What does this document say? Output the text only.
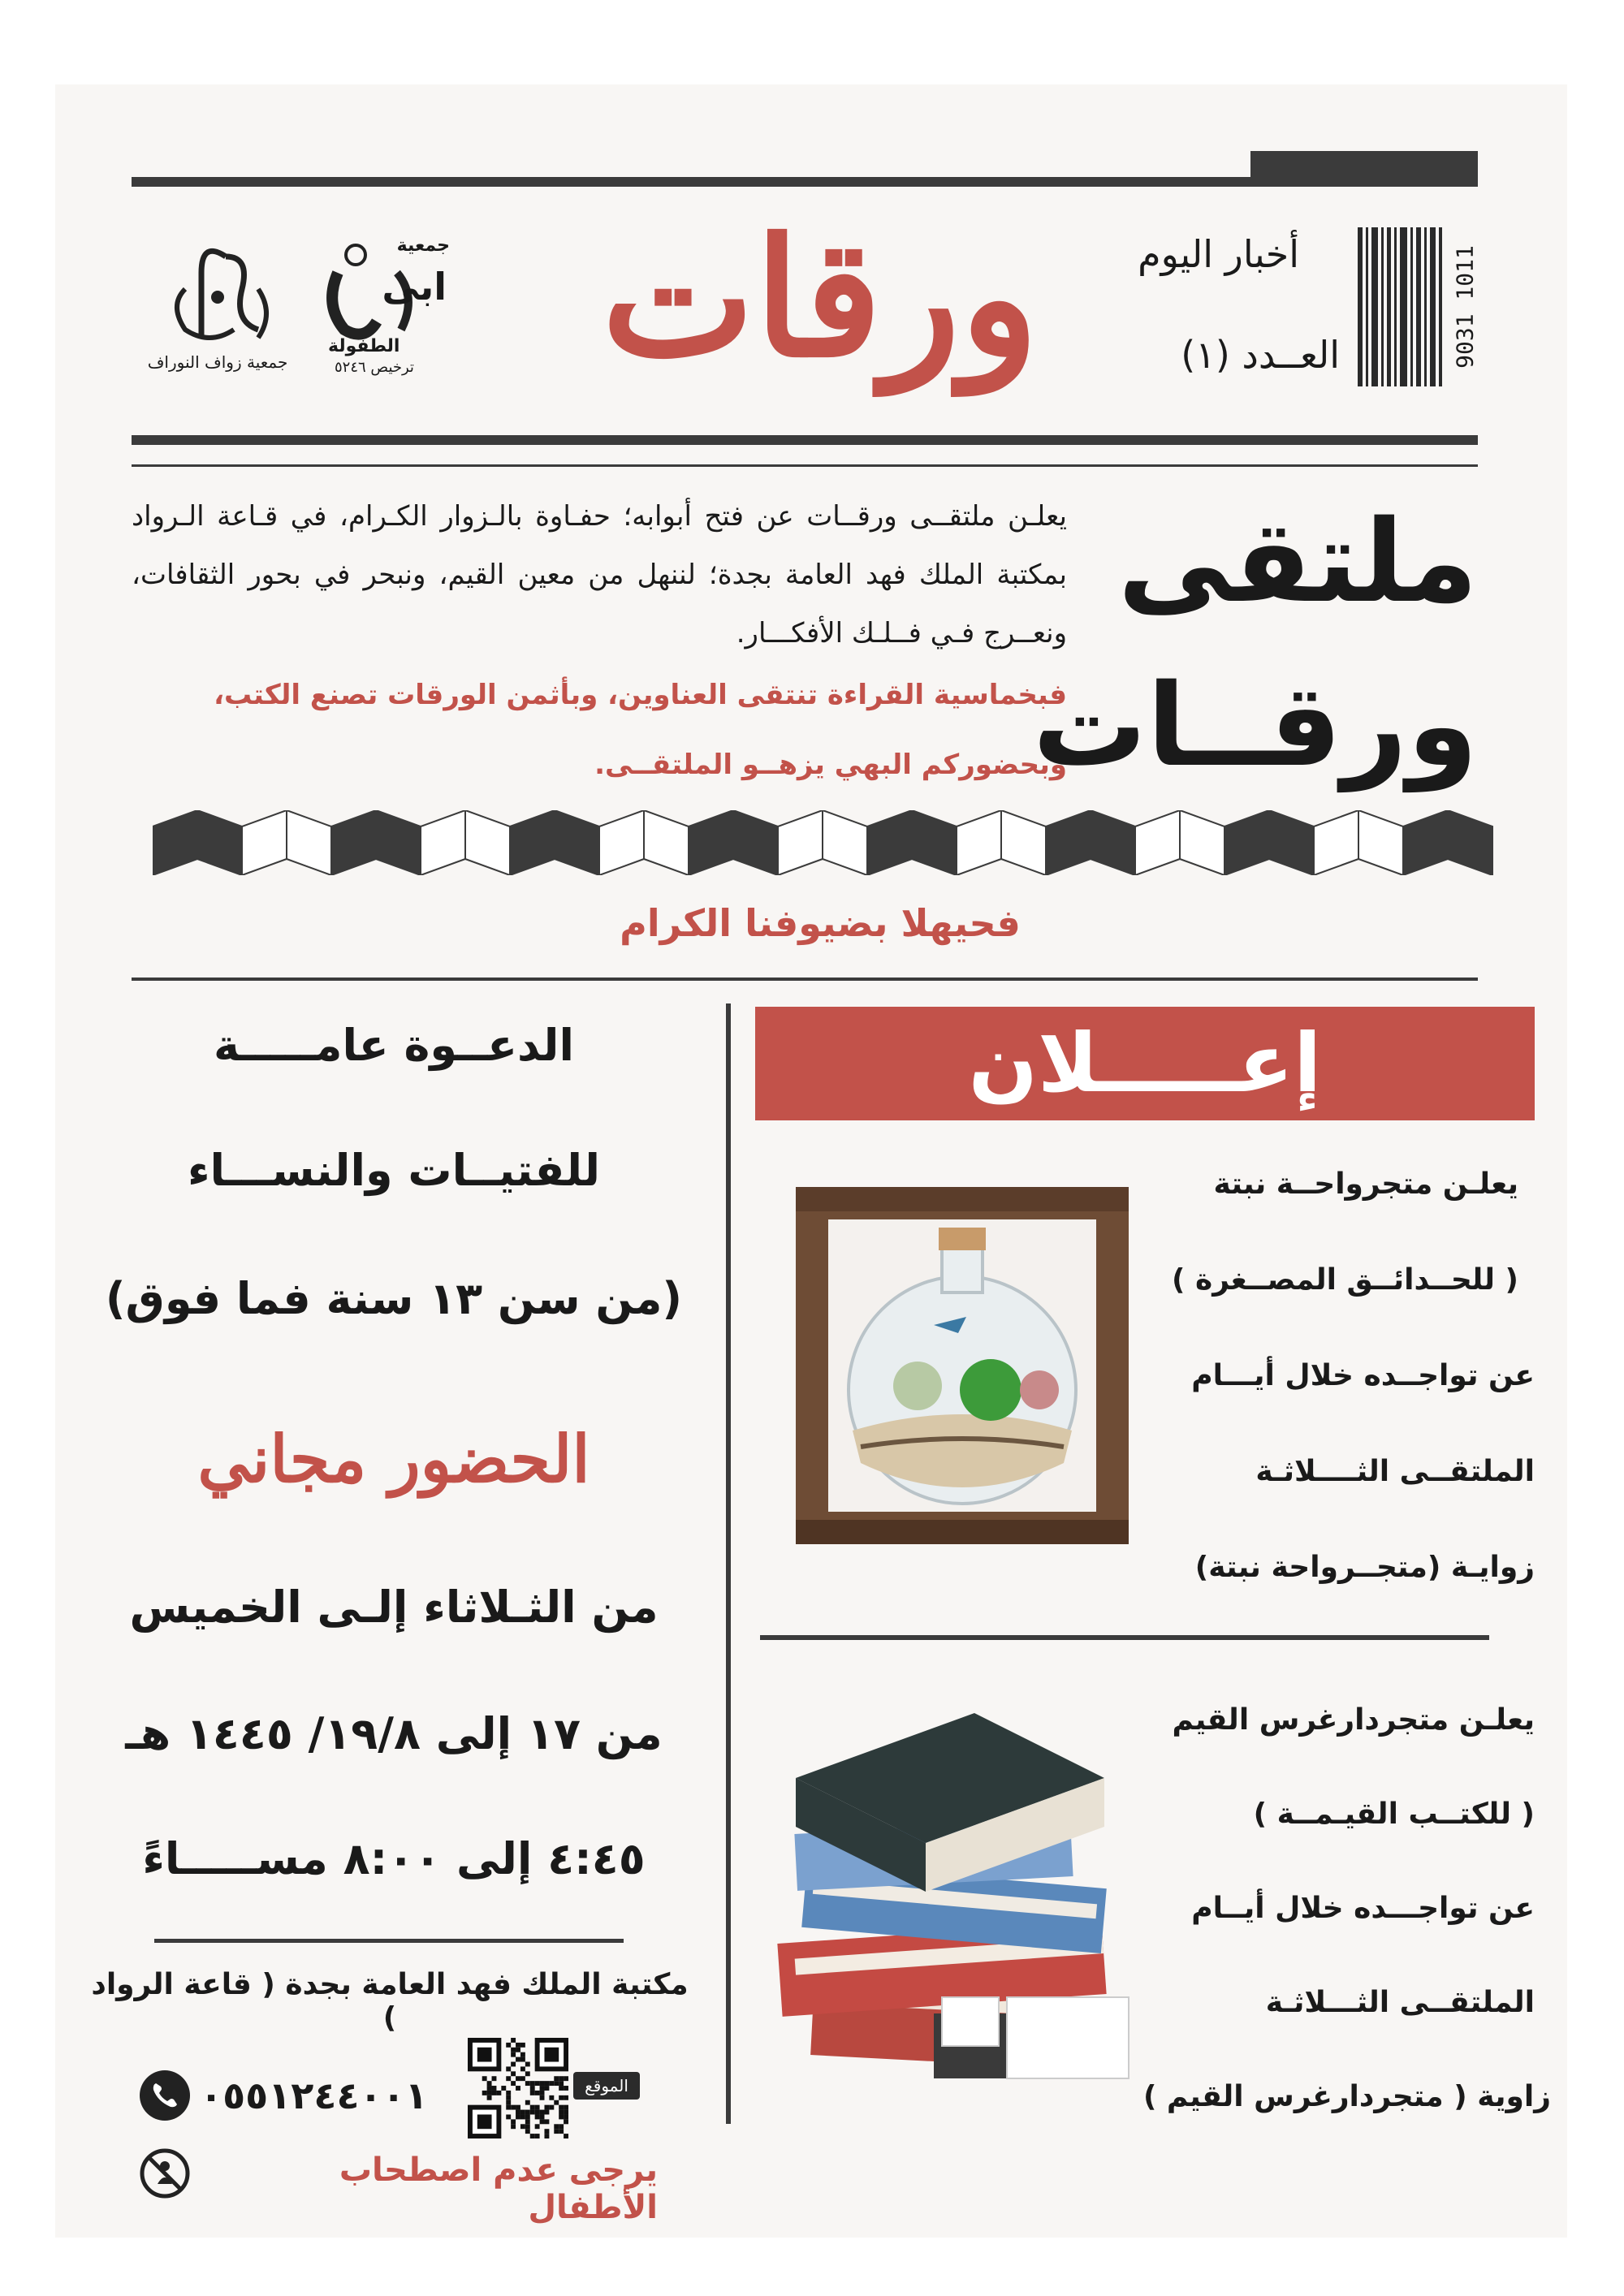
9031 1011
أخبار اليوم
العــدد (١)
ورقات
جمعية
ابى
الطفولة
ترخيص ٥٢٤٦
جمعية زواف النوراف
ملتقى
ورقــات
يعلـن ملتقــى ورقــات عن فتح أبوابه؛ حفـاوة بالـزوار الكـرام، في قـاعة الـرواد بمكتبة الملك فهد العامة بجدة؛ لننهل من معين القيم، ونبحر في بحور الثقافات، ونعــرج فـي فــلـك الأفكـــار.
فبخماسية القراءة تنتقى العناوين، وبأثمن الورقات تصنع الكتب،
وبحضوركم البهي يزهــو الملتقــى.
فحيهلا بضيوفنا الكرام
الدعــوة عامـــــة
للفتيــات والنســـاء
(من سن ١٣ سنة فما فوق)
الحضور مجاني
من الثـلاثاء إلـى الخميس
من ١٧ إلى ١٩/٨/ ١٤٤٥ هـ
٤:٤٥ إلى ٨:٠٠ مســـــاءً
مكتبة الملك فهد العامة بجدة ( قاعة الرواد )
الموقع
٠٥٥١٢٤٤٠٠١
يرجى عدم اصطحاب الأطفال
إعـــــلان
يعلـن متجرواحــة نبتة
( للحــدائــق المصــغرة )
عن تواجــده خلال أيـــام
الملتقــى الثــــلاثـة
زوايـة (متجــرواحة نبتة)
يعلـن متجردارغرس القيم
( للكتــب القيـمــة )
عن تواجـــده خلال أيــام
الملتقــى الثـــلاثـة
زاوية ( متجردارغرس القيم )
